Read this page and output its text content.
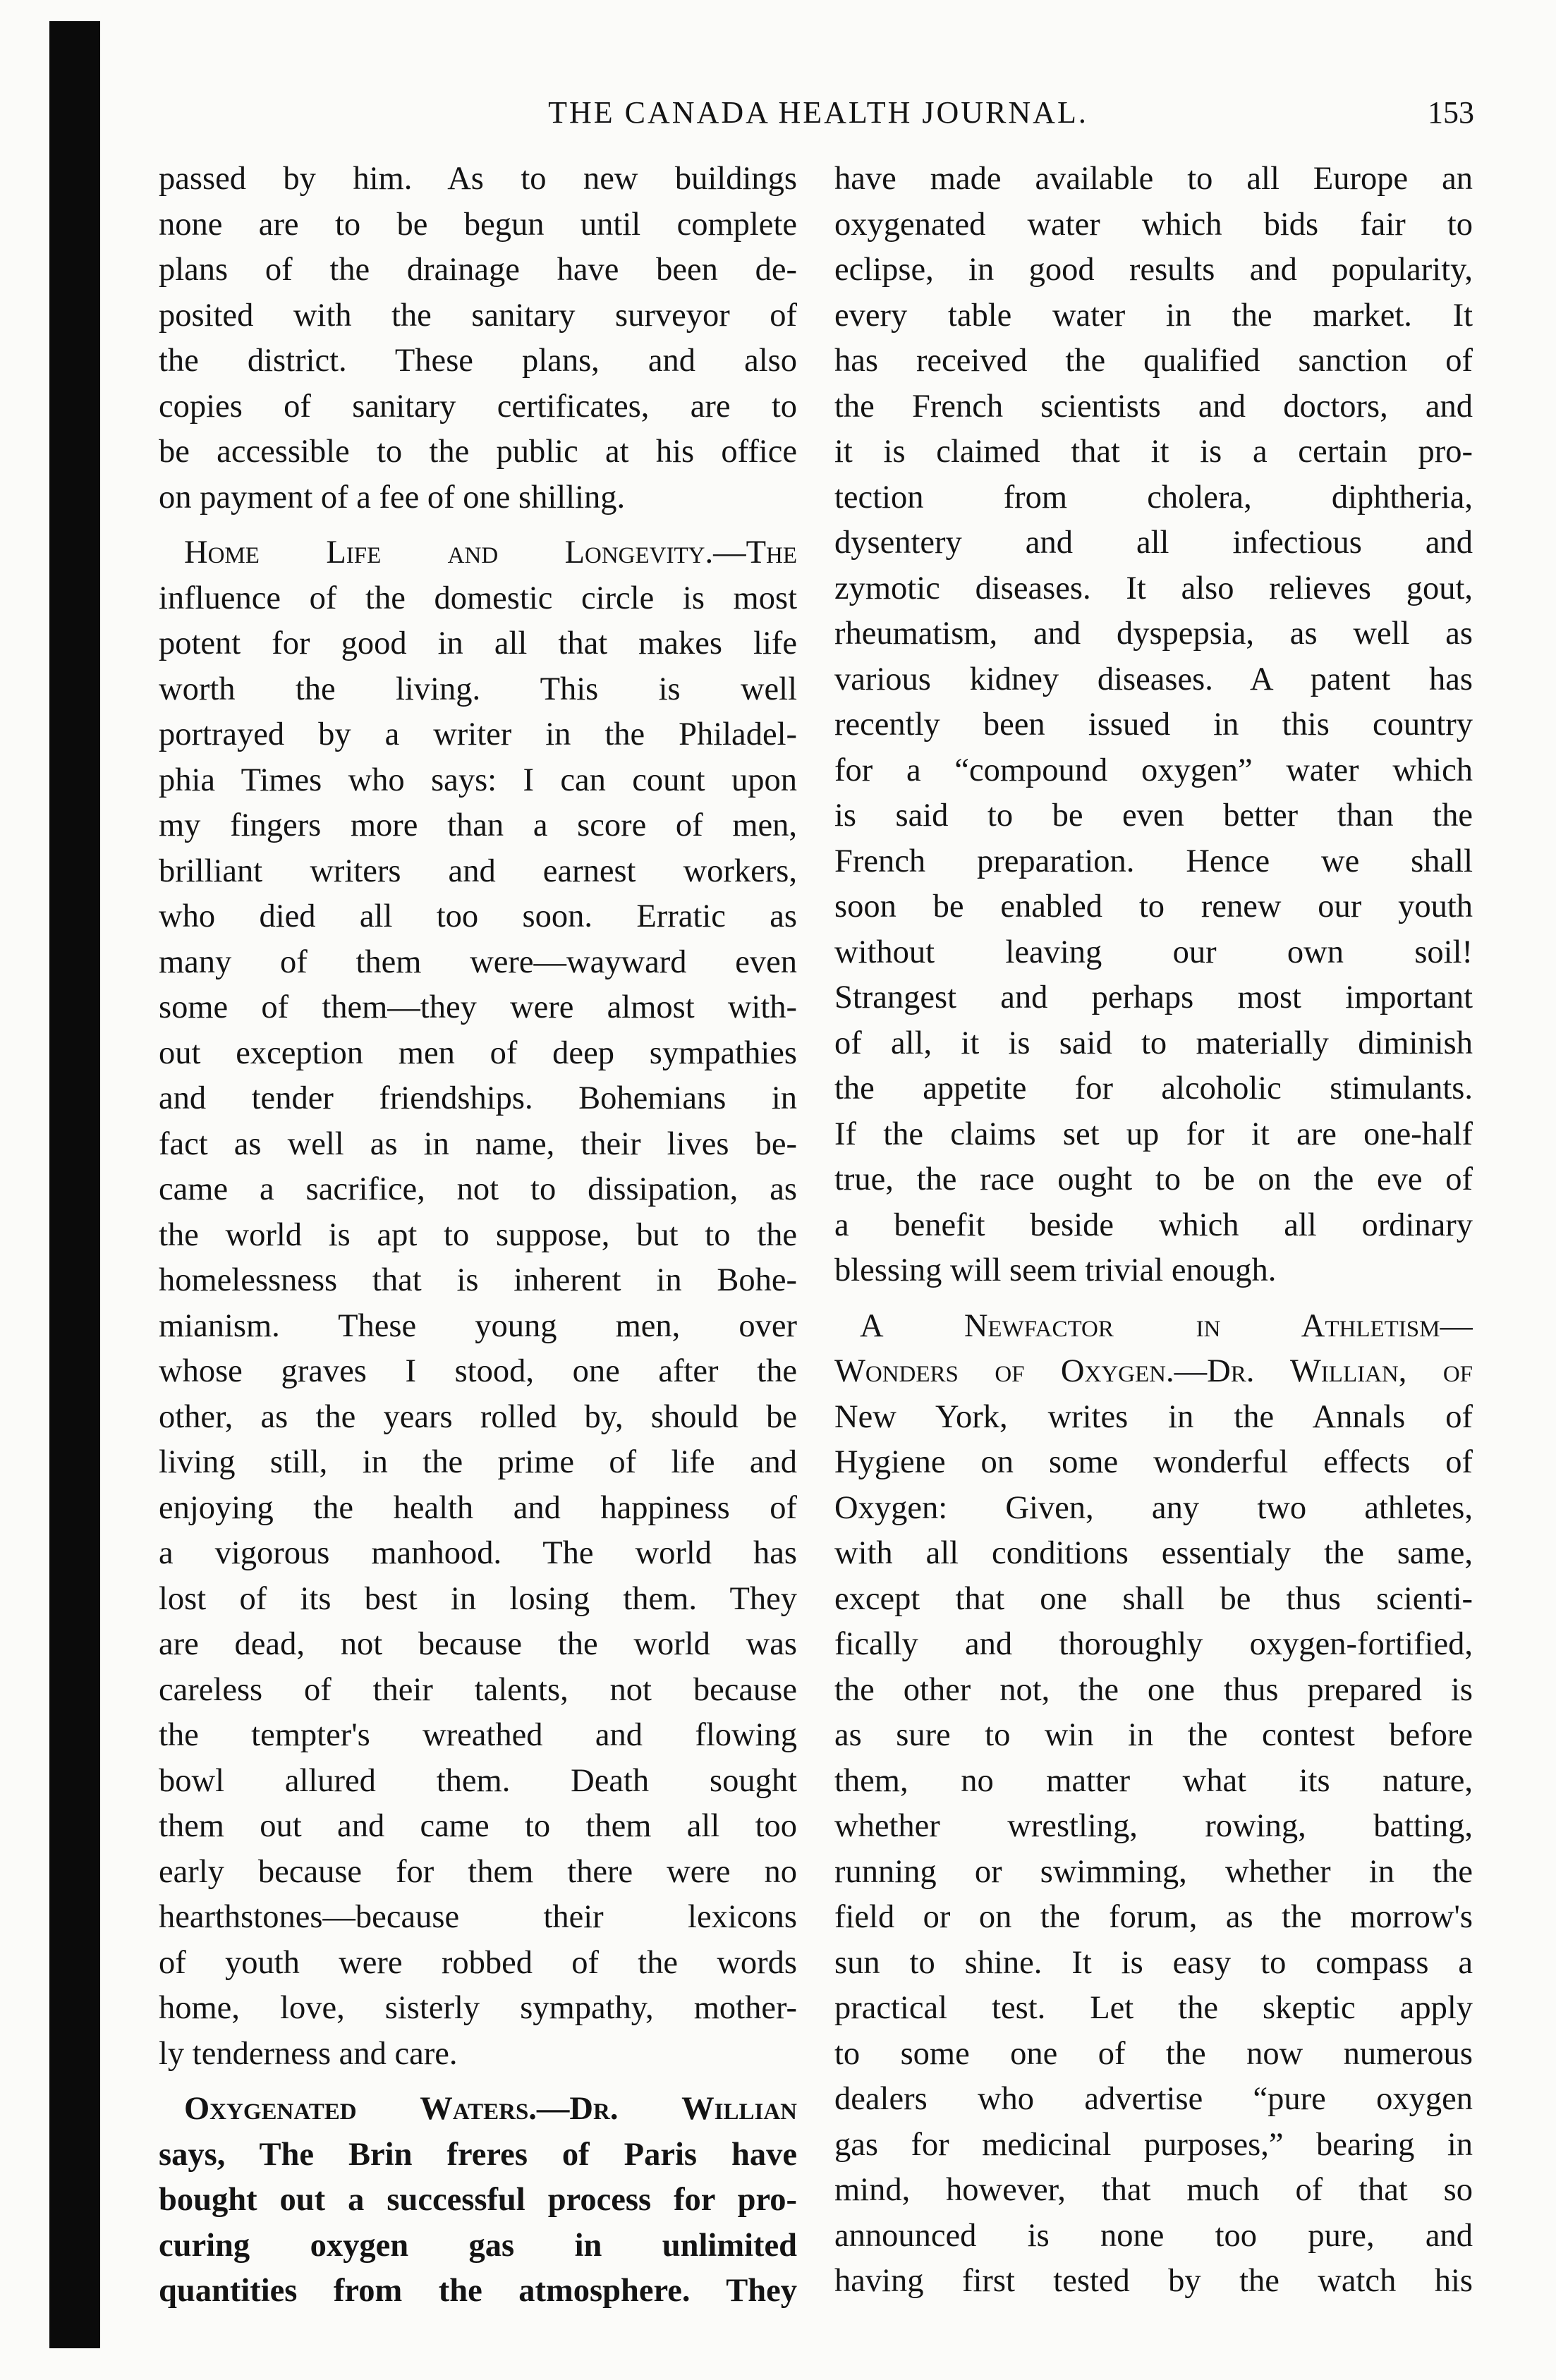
THE CANADA HEALTH JOURNAL.	153
passed by him. As to new buildings
none are to be begun until complete
plans of the drainage have been de-
posited with the sanitary surveyor of
the district. These plans, and also
copies of sanitary certificates, are to
be accessible to the public at his office
on payment of a fee of one shilling.
Home Life and Longevity.—The
influence of the domestic circle is most
potent for good in all that makes life
worth the living. This is well
portrayed by a writer in the Philadel-
phia Times who says: I can count upon
my fingers more than a score of men,
brilliant writers and earnest workers,
who died all too soon. Erratic as
many of them were—wayward even
some of them—they were almost with-
out exception men of deep sympathies
and tender friendships. Bohemians in
fact as well as in name, their lives be-
came a sacrifice, not to dissipation, as
the world is apt to suppose, but to the
homelessness that is inherent in Bohe-
mianism. These young men, over
whose graves I stood, one after the
other, as the years rolled by, should be
living still, in the prime of life and
enjoying the health and happiness of
a vigorous manhood. The world has
lost of its best in losing them. They
are dead, not because the world was
careless of their talents, not because
the tempter's wreathed and flowing
bowl allured them. Death sought
them out and came to them all too
early because for them there were no
hearthstones—because their lexicons
of youth were robbed of the words
home, love, sisterly sympathy, mother-
ly tenderness and care.
Oxygenated Waters.—Dr. Willian
says, The Brin freres of Paris have
bought out a successful process for pro-
curing oxygen gas in unlimited
quantities from the atmosphere. They
have made available to all Europe an
oxygenated water which bids fair to
eclipse, in good results and popularity,
every table water in the market. It
has received the qualified sanction of
the French scientists and doctors, and
it is claimed that it is a certain pro-
tection from cholera, diphtheria,
dysentery and all infectious and
zymotic diseases. It also relieves gout,
rheumatism, and dyspepsia, as well as
various kidney diseases. A patent has
recently been issued in this country
for a “compound oxygen” water which
is said to be even better than the
French preparation. Hence we shall
soon be enabled to renew our youth
without leaving our own soil!
Strangest and perhaps most important
of all, it is said to materially diminish
the appetite for alcoholic stimulants.
If the claims set up for it are one-half
true, the race ought to be on the eve of
a benefit beside which all ordinary
blessing will seem trivial enough.
A Newfactor in Athletism—
Wonders of Oxygen.—Dr. Willian, of
New York, writes in the Annals of
Hygiene on some wonderful effects of
Oxygen: Given, any two athletes,
with all conditions essentialy the same,
except that one shall be thus scienti-
fically and thoroughly oxygen-fortified,
the other not, the one thus prepared is
as sure to win in the contest before
them, no matter what its nature,
whether wrestling, rowing, batting,
running or swimming, whether in the
field or on the forum, as the morrow's
sun to shine. It is easy to compass a
practical test. Let the skeptic apply
to some one of the now numerous
dealers who advertise “pure oxygen
gas for medicinal purposes,” bearing in
mind, however, that much of that so
announced is none too pure, and
having first tested by the watch his
